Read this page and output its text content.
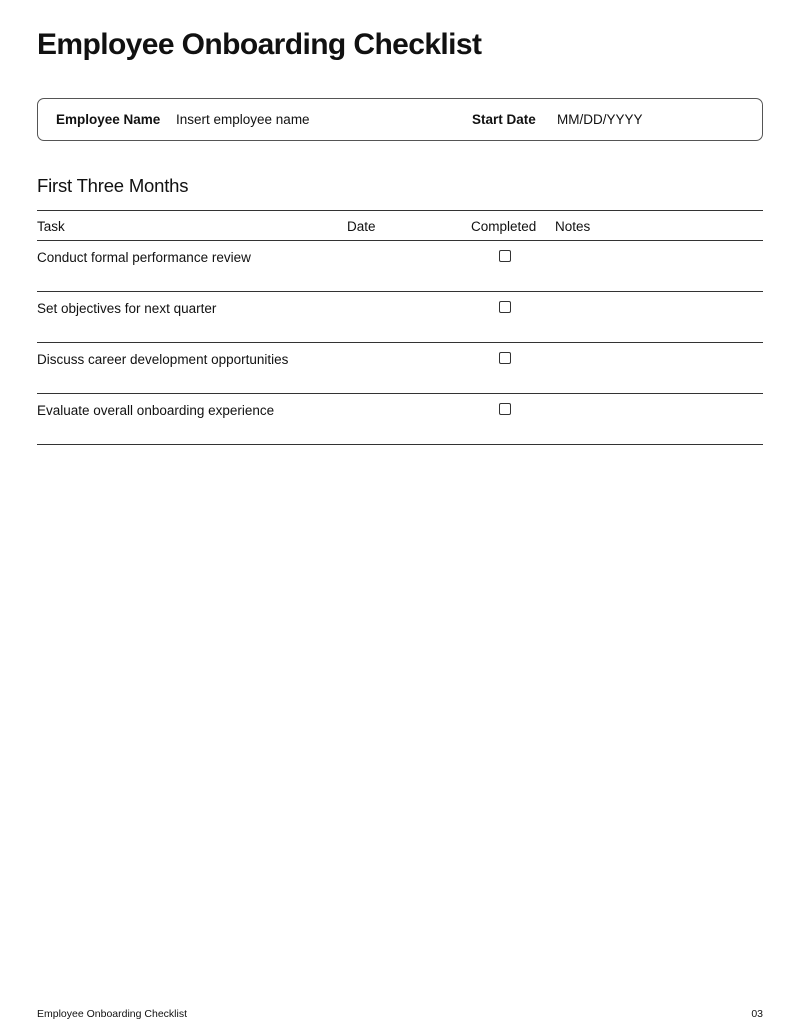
Employee Onboarding Checklist
Employee Name Insert employee name	Start Date MM/DD/YYYY
First Three Months
Task	Date	Completed Notes
Conduct formal performance review
Set objectives for next quarter
Discuss career development opportunities
Evaluate overall onboarding experience
Employee Onboarding Checklist	03
